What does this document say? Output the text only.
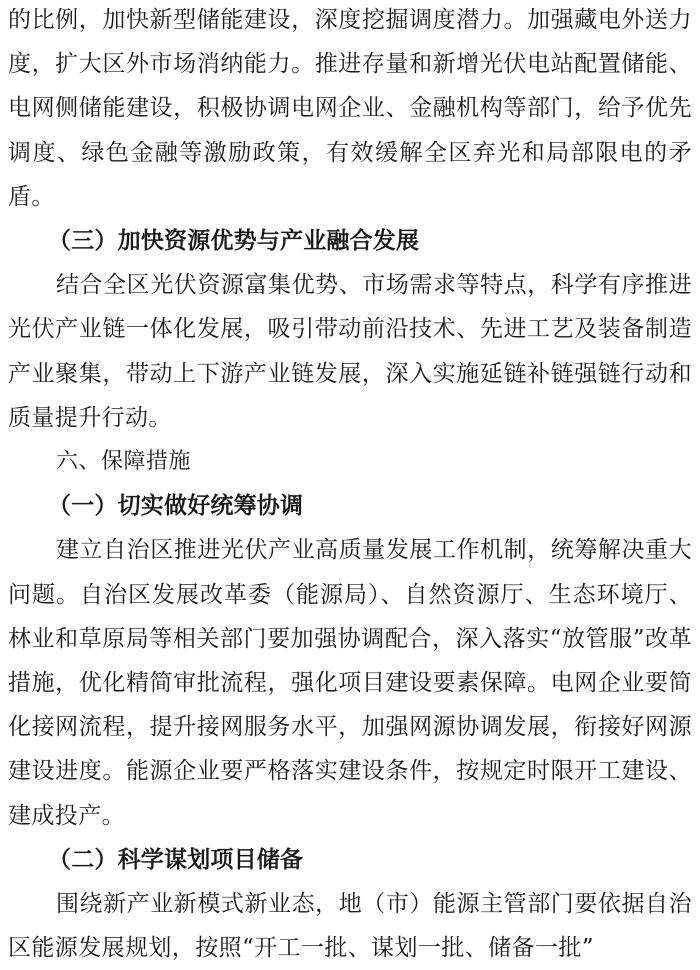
的比例，加快新型储能建设，深度挖掘调度潜力。加强藏电外送力度，扩大区外市场消纳能力。推进存量和新增光伏电站配置储能、电网侧储能建设，积极协调电网企业、金融机构等部门，给予优先调度、绿色金融等激励政策，有效缓解全区弃光和局部限电的矛盾。

（三）加快资源优势与产业融合发展

结合全区光伏资源富集优势、市场需求等特点，科学有序推进光伏产业链一体化发展，吸引带动前沿技术、先进工艺及装备制造产业聚集，带动上下游产业链发展，深入实施延链补链强链行动和质量提升行动。

六、保障措施

（一）切实做好统筹协调

建立自治区推进光伏产业高质量发展工作机制，统筹解决重大问题。自治区发展改革委（能源局）、自然资源厅、生态环境厅、林业和草原局等相关部门要加强协调配合，深入落实“放管服”改革措施，优化精简审批流程，强化项目建设要素保障。电网企业要简化接网流程，提升接网服务水平，加强网源协调发展，衔接好网源建设进度。能源企业要严格落实建设条件，按规定时限开工建设、建成投产。

（二）科学谋划项目储备

围绕新产业新模式新业态，地（市）能源主管部门要依据自治区能源发展规划，按照“开工一批、谋划一批、储备一批”
